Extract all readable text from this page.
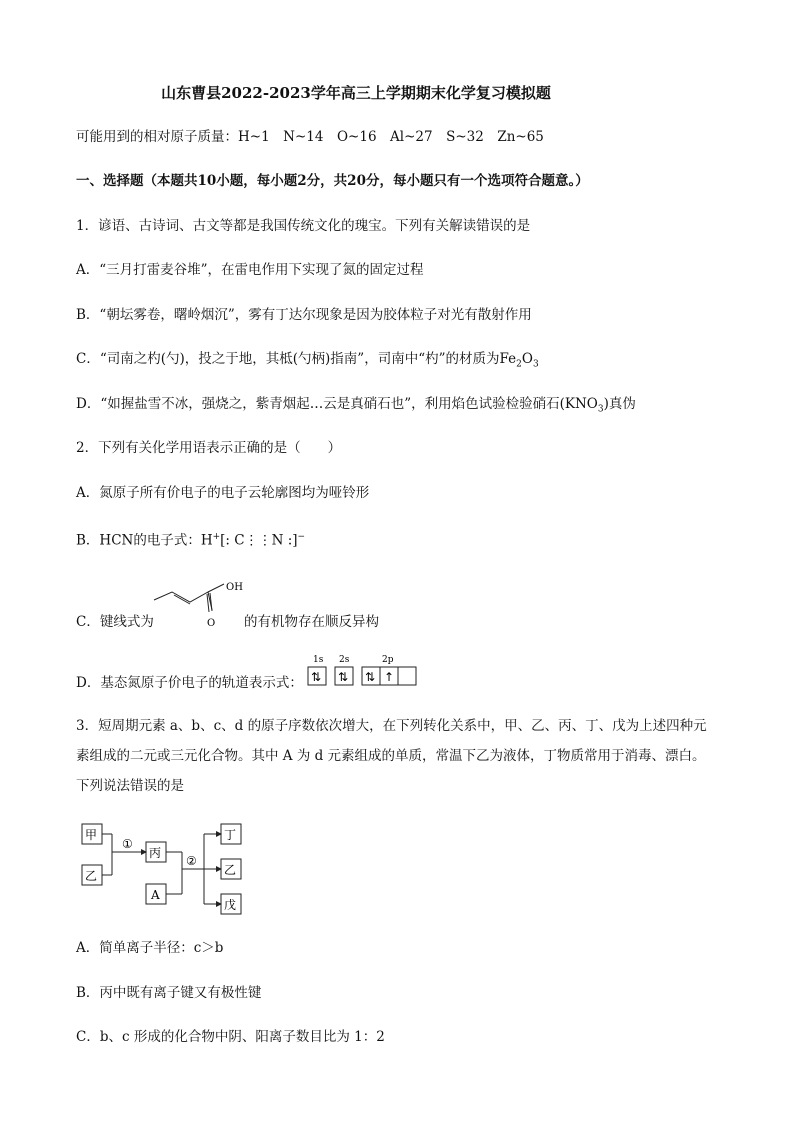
山东曹县2022-2023学年高三上学期期末化学复习模拟题
可能用到的相对原子质量：H~1　N~14　O~16　Al~27　S~32　Zn~65
一、选择题（本题共10小题，每小题2分，共20分，每小题只有一个选项符合题意。）
1．谚语、古诗词、古文等都是我国传统文化的瑰宝。下列有关解读错误的是
A．“三月打雷麦谷堆”，在雷电作用下实现了氮的固定过程
B．“朝坛雾卷，曙岭烟沉”，雾有丁达尔现象是因为胶体粒子对光有散射作用
C．“司南之杓(勺)，投之于地，其柢(勺柄)指南”，司南中“杓”的材质为$Fe_2O_3$
D．“如握盐雪不冰，强烧之，紫青烟起…云是真硝石也”，利用焰色试验检验硝石$(KNO_3)$真伪
2．下列有关化学用语表示正确的是（　　）
A．氮原子所有价电子的电子云轮廓图均为哑铃形
B．HCN的电子式：H+[: C⋮⋮N :]−
OH
O
C．键线式为	的有机物存在顺反异构
D．基态氮原子价电子的轨道表示式：
1s 2s	2p
⇅ ⇅ ⇅ ↑
3．短周期元素 a、b、c、d 的原子序数依次增大，在下列转化关系中，甲、乙、丙、丁、戊为上述四种元
素组成的二元或三元化合物。其中 A 为 d 元素组成的单质，常温下乙为液体，丁物质常用于消毒、漂白。
下列说法错误的是
甲
乙
丙
A
丁
乙
戊
①
②
A．简单离子半径：c＞b
B．丙中既有离子键又有极性键
C．b、c 形成的化合物中阴、阳离子数目比为 1：2
